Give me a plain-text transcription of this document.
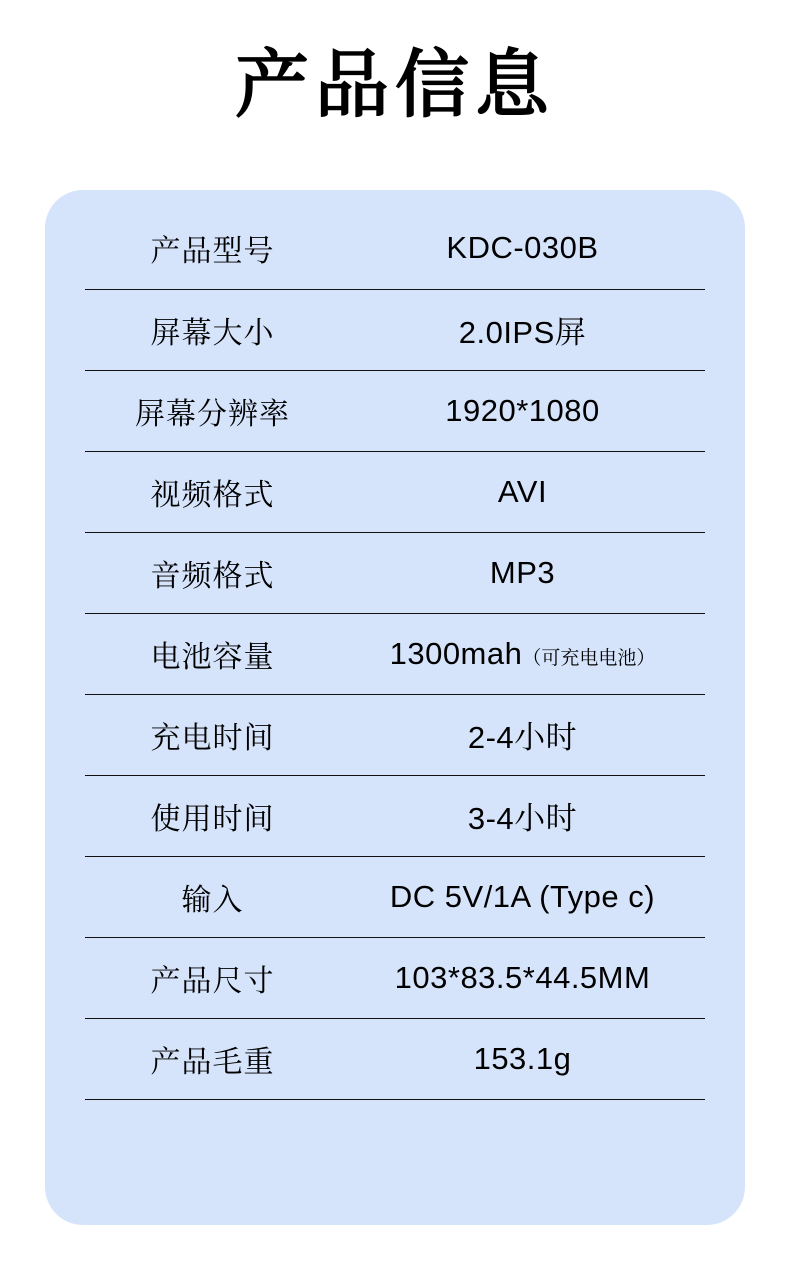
产品信息
产品型号	KDC-030B
屏幕大小	2.0IPS屏
屏幕分辨率	1920*1080
视频格式	AVI
音频格式	MP3
电池容量	1300mah（可充电电池）
充电时间	2-4小时
使用时间	3-4小时
输入	DC 5V/1A (Type c)
产品尺寸	103*83.5*44.5MM
产品毛重	153.1g
